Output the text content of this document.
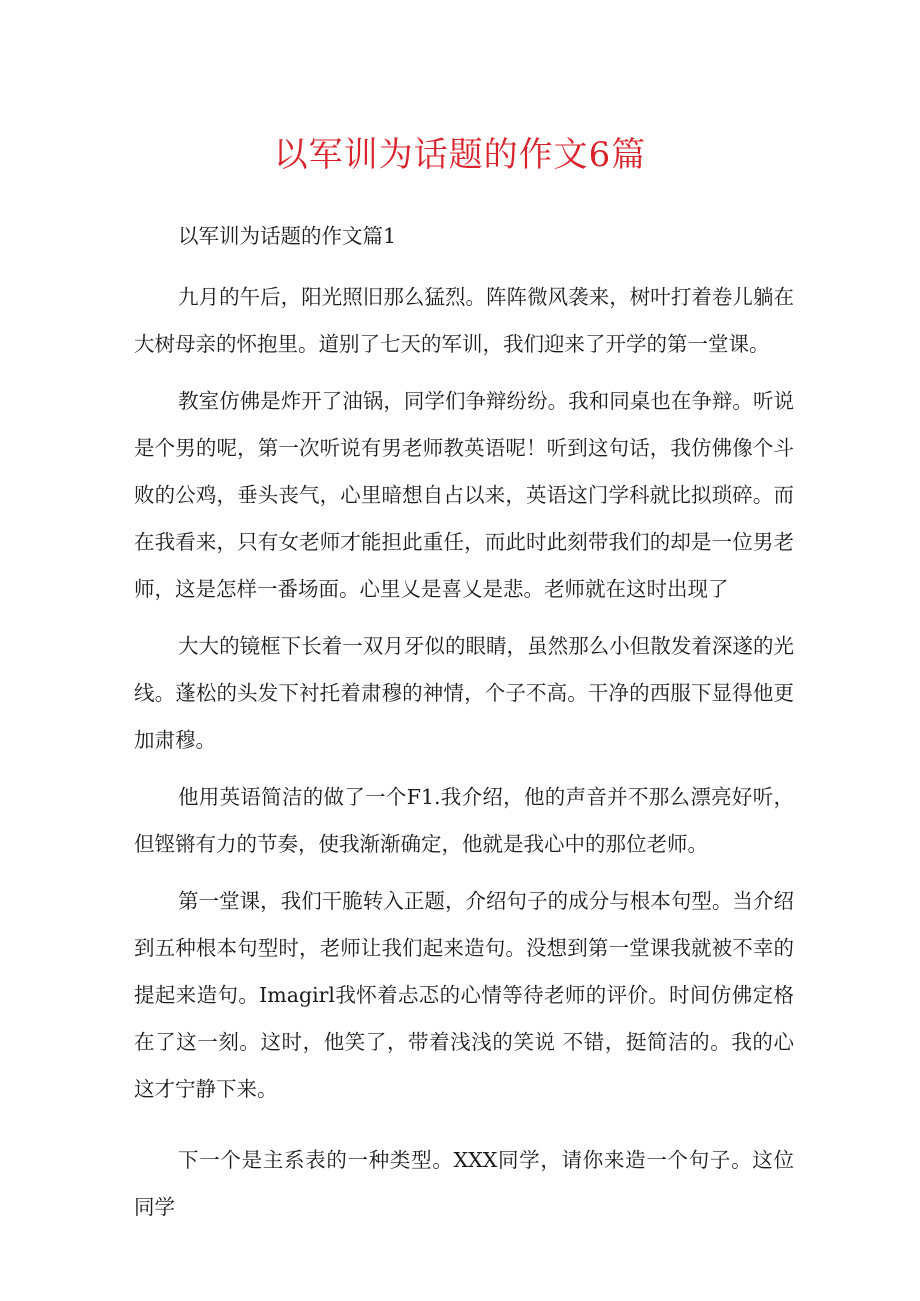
以军训为话题的作文6篇

以军训为话题的作文篇1

九月的午后，阳光照旧那么猛烈。阵阵微风袭来，树叶打着卷儿躺在大树母亲的怀抱里。道别了七天的军训，我们迎来了开学的第一堂课。

教室仿佛是炸开了油锅，同学们争辩纷纷。我和同桌也在争辩。听说是个男的呢，第一次听说有男老师教英语呢！听到这句话，我仿佛像个斗败的公鸡，垂头丧气，心里暗想自占以来，英语这门学科就比拟琐碎。而在我看来，只有女老师才能担此重任，而此时此刻带我们的却是一位男老师，这是怎样一番场面。心里乂是喜乂是悲。老师就在这时出现了

大大的镜框下长着一双月牙似的眼睛，虽然那么小但散发着深遂的光线。蓬松的头发下衬托着肃穆的神情，个子不高。干净的西服下显得他更加肃穆。

他用英语简洁的做了一个F1.我介绍，他的声音并不那么漂亮好听，但铿锵有力的节奏，使我渐渐确定，他就是我心中的那位老师。

第一堂课，我们干脆转入正题，介绍句子的成分与根本句型。当介绍到五种根本句型时，老师让我们起来造句。没想到第一堂课我就被不幸的提起来造句。Imagirl我怀着忐忑的心情等待老师的评价。时间仿佛定格在了这一刻。这时，他笑了，带着浅浅的笑说 不错，挺简洁的。我的心这才宁静下来。

下一个是主系表的一种类型。XXX同学，请你来造一个句子。这位同学
